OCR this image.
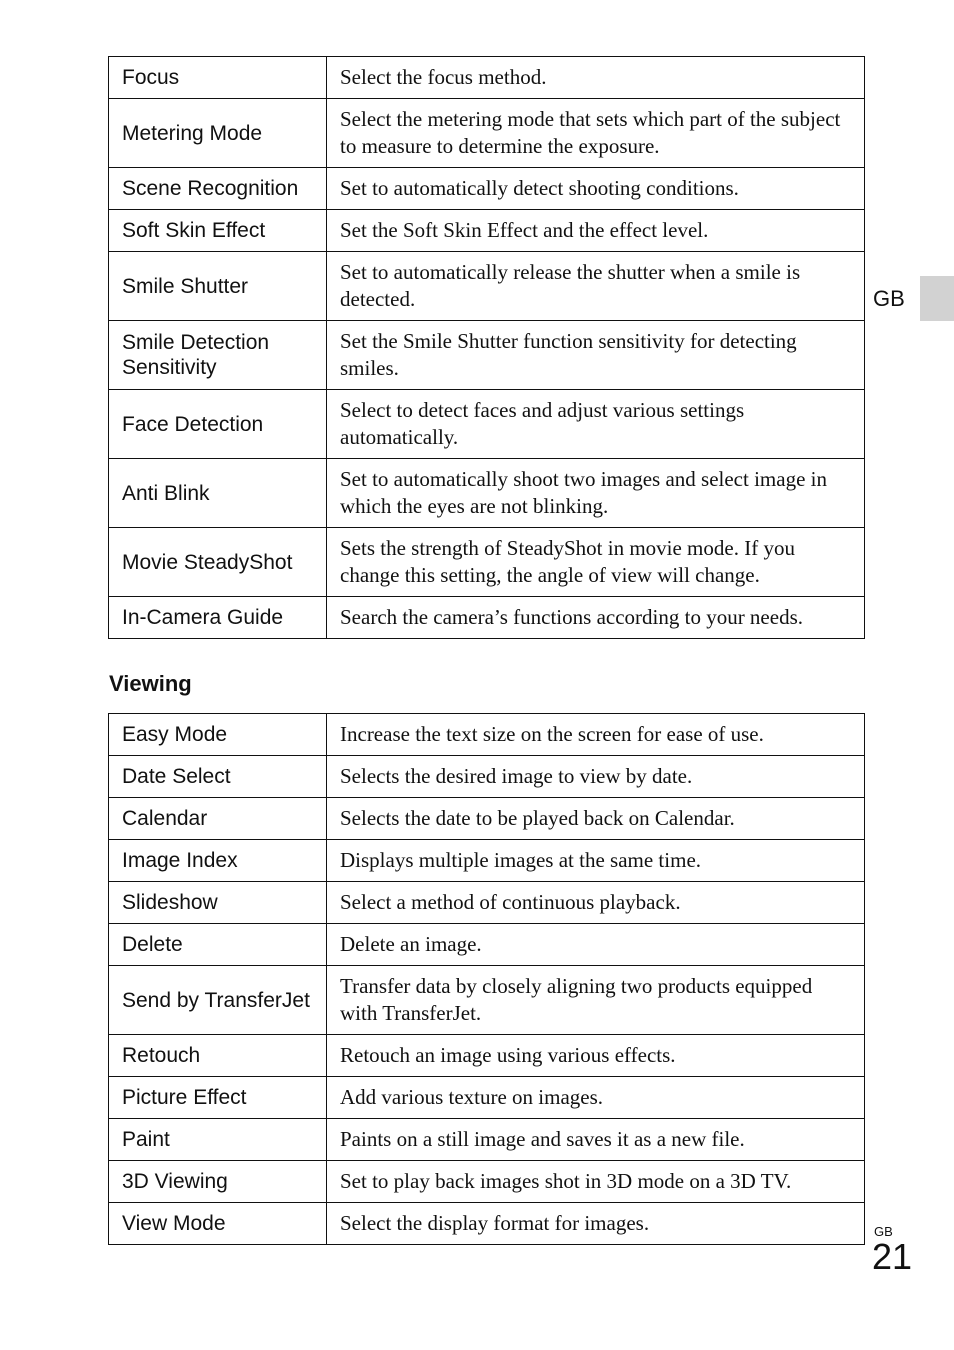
Focus	Select the focus method.
Metering Mode	Select the metering mode that sets which part of the subject to measure to determine the exposure.
Scene Recognition	Set to automatically detect shooting conditions.
Soft Skin Effect	Set the Soft Skin Effect and the effect level.
Smile Shutter	Set to automatically release the shutter when a smile is detected.
Smile Detection Sensitivity	Set the Smile Shutter function sensitivity for detecting smiles.
Face Detection	Select to detect faces and adjust various settings automatically.
Anti Blink	Set to automatically shoot two images and select image in which the eyes are not blinking.
Movie SteadyShot	Sets the strength of SteadyShot in movie mode. If you change this setting, the angle of view will change.
In-Camera Guide	Search the camera’s functions according to your needs.
Viewing
Easy Mode	Increase the text size on the screen for ease of use.
Date Select	Selects the desired image to view by date.
Calendar	Selects the date to be played back on Calendar.
Image Index	Displays multiple images at the same time.
Slideshow	Select a method of continuous playback.
Delete	Delete an image.
Send by TransferJet	Transfer data by closely aligning two products equipped with TransferJet.
Retouch	Retouch an image using various effects.
Picture Effect	Add various texture on images.
Paint	Paints on a still image and saves it as a new file.
3D Viewing	Set to play back images shot in 3D mode on a 3D TV.
View Mode	Select the display format for images.
GB
GB
21
